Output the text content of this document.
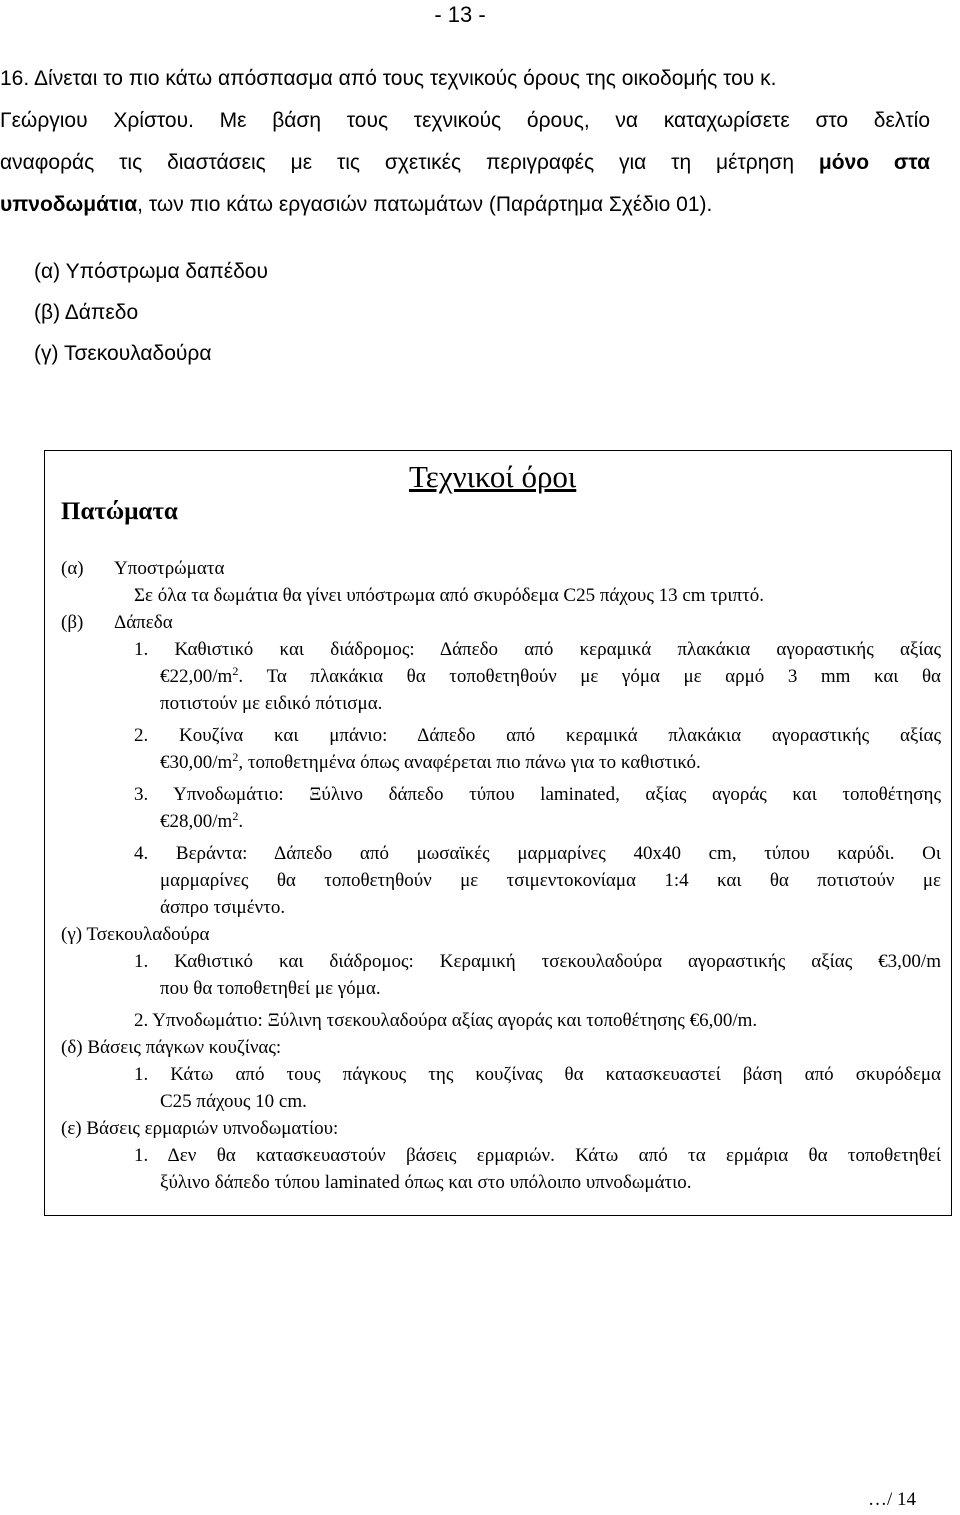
- 13 -
16. Δίνεται το πιο κάτω απόσπασμα από τους τεχνικούς όρους της οικοδομής του κ.
Γεώργιου Χρίστου. Με βάση τους τεχνικούς όρους, να καταχωρίσετε στο δελτίο
αναφοράς τις διαστάσεις με τις σχετικές περιγραφές για τη μέτρηση μόνο στα
υπνοδωμάτια, των πιο κάτω εργασιών πατωμάτων (Παράρτημα Σχέδιο 01).
(α) Υπόστρωμα δαπέδου
(β) Δάπεδο
(γ) Τσεκουλαδούρα
Τεχνικοί όροι
Πατώματα
(α) Υποστρώματα
Σε όλα τα δωμάτια θα γίνει υπόστρωμα από σκυρόδεμα C25 πάχους 13 cm τριπτό.
(β) Δάπεδα
1. Καθιστικό και διάδρομος: Δάπεδο από κεραμικά πλακάκια αγοραστικής αξίας
$€22,00/m^2$. Τα πλακάκια θα τοποθετηθούν με γόμα με αρμό 3 mm και θα
ποτιστούν με ειδικό πότισμα.
2. Κουζίνα και μπάνιο: Δάπεδο από κεραμικά πλακάκια αγοραστικής αξίας
$€30,00/m^2$, τοποθετημένα όπως αναφέρεται πιο πάνω για το καθιστικό.
3. Υπνοδωμάτιο: Ξύλινο δάπεδο τύπου laminated, αξίας αγοράς και τοποθέτησης
$€28,00/m^2$.
4. Βεράντα: Δάπεδο από μωσαϊκές μαρμαρίνες 40x40 cm, τύπου καρύδι. Οι
μαρμαρίνες θα τοποθετηθούν με τσιμεντοκονίαμα 1:4 και θα ποτιστούν με
άσπρο τσιμέντο.
(γ) Τσεκουλαδούρα
1. Καθιστικό και διάδρομος: Κεραμική τσεκουλαδούρα αγοραστικής αξίας €3,00/m
που θα τοποθετηθεί με γόμα.
2. Υπνοδωμάτιο: Ξύλινη τσεκουλαδούρα αξίας αγοράς και τοποθέτησης €6,00/m.
(δ) Βάσεις πάγκων κουζίνας:
1. Κάτω από τους πάγκους της κουζίνας θα κατασκευαστεί βάση από σκυρόδεμα
C25 πάχους 10 cm.
(ε) Βάσεις ερμαριών υπνοδωματίου:
1. Δεν θα κατασκευαστούν βάσεις ερμαριών. Κάτω από τα ερμάρια θα τοποθετηθεί
ξύλινο δάπεδο τύπου laminated όπως και στο υπόλοιπο υπνοδωμάτιο.
…/ 14
